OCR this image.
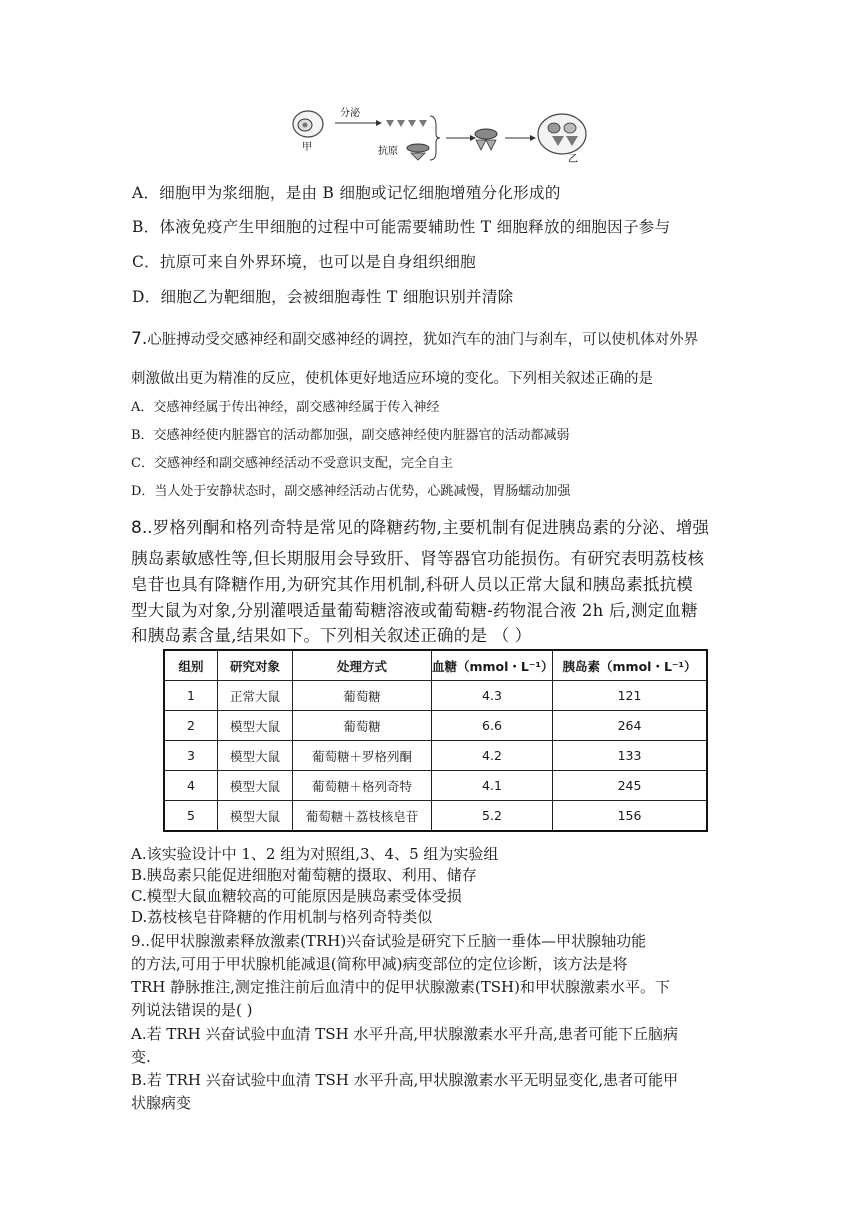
甲
分泌
抗原
乙
A．细胞甲为浆细胞，是由 B 细胞或记忆细胞增殖分化形成的
B．体液免疫产生甲细胞的过程中可能需要辅助性 T 细胞释放的细胞因子参与
C．抗原可来自外界环境，也可以是自身组织细胞
D．细胞乙为靶细胞，会被细胞毒性 T 细胞识别并清除
7.心脏搏动受交感神经和副交感神经的调控，犹如汽车的油门与刹车，可以使机体对外界
刺激做出更为精准的反应，使机体更好地适应环境的变化。下列相关叙述正确的是
A．交感神经属于传出神经，副交感神经属于传入神经
B．交感神经使内脏器官的活动都加强，副交感神经使内脏器官的活动都减弱
C．交感神经和副交感神经活动不受意识支配，完全自主
D．当人处于安静状态时，副交感神经活动占优势，心跳减慢，胃肠蠕动加强
8..罗格列酮和格列奇特是常见的降糖药物,主要机制有促进胰岛素的分泌、增强
胰岛素敏感性等,但长期服用会导致肝、肾等器官功能损伤。有研究表明荔枝核
皂苷也具有降糖作用,为研究其作用机制,科研人员以正常大鼠和胰岛素抵抗模
型大鼠为对象,分别灌喂适量葡萄糖溶液或葡萄糖-药物混合液 2h 后,测定血糖
和胰岛素含量,结果如下。下列相关叙述正确的是 （ ）
组别	研究对象	处理方式	血糖（mmol・L⁻¹）	胰岛素（mmol・L⁻¹）
1	正常大鼠	葡萄糖	4.3	121
2	模型大鼠	葡萄糖	6.6	264
3	模型大鼠	葡萄糖＋罗格列酮	4.2	133
4	模型大鼠	葡萄糖＋格列奇特	4.1	245
5	模型大鼠	葡萄糖＋荔枝核皂苷	5.2	156
A.该实验设计中 1、2 组为对照组,3、4、5 组为实验组
B.胰岛素只能促进细胞对葡萄糖的摄取、利用、储存
C.模型大鼠血糖较高的可能原因是胰岛素受体受损
D.荔枝核皂苷降糖的作用机制与格列奇特类似
9..促甲状腺激素释放激素(TRH)兴奋试验是研究下丘脑一垂体—甲状腺轴功能
的方法,可用于甲状腺机能减退(简称甲减)病变部位的定位诊断，该方法是将
TRH 静脉推注,测定推注前后血清中的促甲状腺激素(TSH)和甲状腺激素水平。下
列说法错误的是( )
A.若 TRH 兴奋试验中血清 TSH 水平升高,甲状腺激素水平升高,患者可能下丘脑病
变.
B.若 TRH 兴奋试验中血清 TSH 水平升高,甲状腺激素水平无明显变化,患者可能甲
状腺病变
